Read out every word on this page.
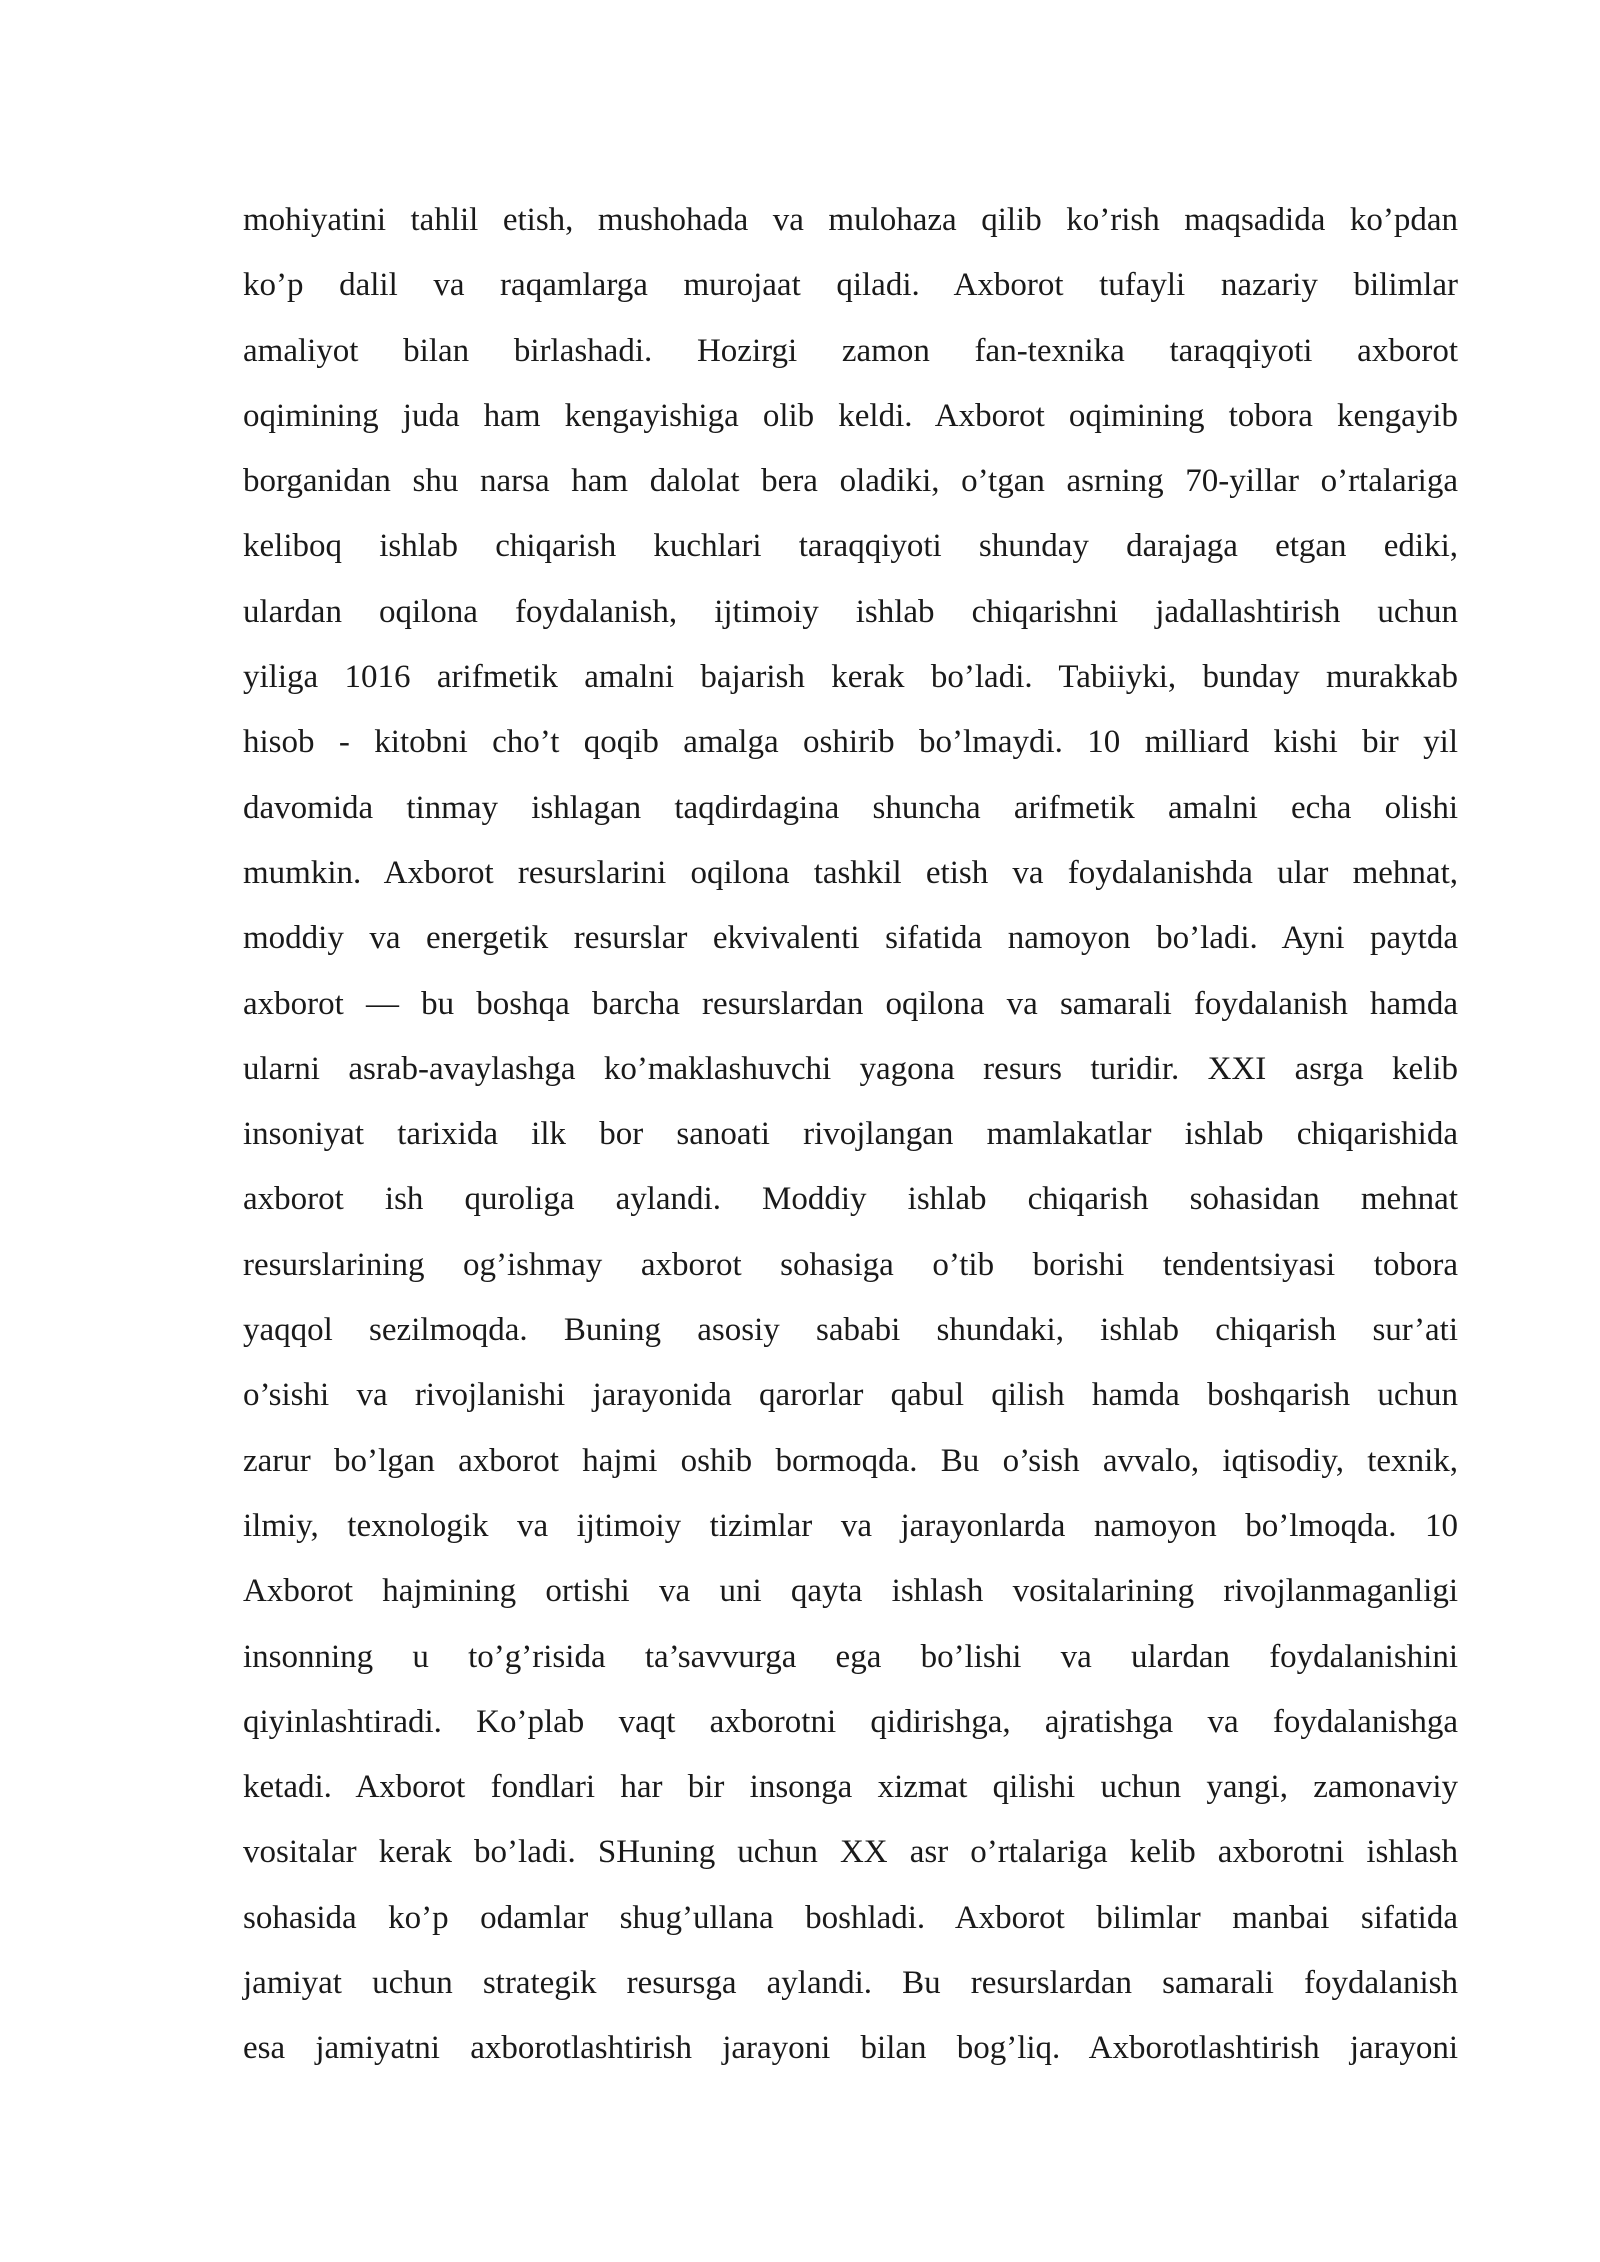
mohiyatini tahlil etish, mushohada va mulohaza qilib ko’rish maqsadida ko’pdan
ko’p dalil va raqamlarga murojaat qiladi. Axborot tufayli nazariy bilimlar
amaliyot bilan birlashadi. Hozirgi zamon fan-texnika taraqqiyoti axborot
oqimining juda ham kengayishiga olib keldi. Axborot oqimining tobora kengayib
borganidan shu narsa ham dalolat bera oladiki, o’tgan asrning 70-yillar o’rtalariga
keliboq ishlab chiqarish kuchlari taraqqiyoti shunday darajaga etgan ediki,
ulardan oqilona foydalanish, ijtimoiy ishlab chiqarishni jadallashtirish uchun
yiliga 1016 arifmetik amalni bajarish kerak bo’ladi. Tabiiyki, bunday murakkab
hisob - kitobni cho’t qoqib amalga oshirib bo’lmaydi. 10 milliard kishi bir yil
davomida tinmay ishlagan taqdirdagina shuncha arifmetik amalni echa olishi
mumkin. Axborot resurslarini oqilona tashkil etish va foydalanishda ular mehnat,
moddiy va energetik resurslar ekvivalenti sifatida namoyon bo’ladi. Ayni paytda
axborot — bu boshqa barcha resurslardan oqilona va samarali foydalanish hamda
ularni asrab-avaylashga ko’maklashuvchi yagona resurs turidir. XXI asrga kelib
insoniyat tarixida ilk bor sanoati rivojlangan mamlakatlar ishlab chiqarishida
axborot ish quroliga aylandi. Moddiy ishlab chiqarish sohasidan mehnat
resurslarining og’ishmay axborot sohasiga o’tib borishi tendentsiyasi tobora
yaqqol sezilmoqda. Buning asosiy sababi shundaki, ishlab chiqarish sur’ati
o’sishi va rivojlanishi jarayonida qarorlar qabul qilish hamda boshqarish uchun
zarur bo’lgan axborot hajmi oshib bormoqda. Bu o’sish avvalo, iqtisodiy, texnik,
ilmiy, texnologik va ijtimoiy tizimlar va jarayonlarda namoyon bo’lmoqda. 10
Axborot hajmining ortishi va uni qayta ishlash vositalarining rivojlanmaganligi
insonning u to’g’risida ta’savvurga ega bo’lishi va ulardan foydalanishini
qiyinlashtiradi. Ko’plab vaqt axborotni qidirishga, ajratishga va foydalanishga
ketadi. Axborot fondlari har bir insonga xizmat qilishi uchun yangi, zamonaviy
vositalar kerak bo’ladi. SHuning uchun XX asr o’rtalariga kelib axborotni ishlash
sohasida ko’p odamlar shug’ullana boshladi. Axborot bilimlar manbai sifatida
jamiyat uchun strategik resursga aylandi. Bu resurslardan samarali foydalanish
esa jamiyatni axborotlashtirish jarayoni bilan bog’liq. Axborotlashtirish jarayoni
